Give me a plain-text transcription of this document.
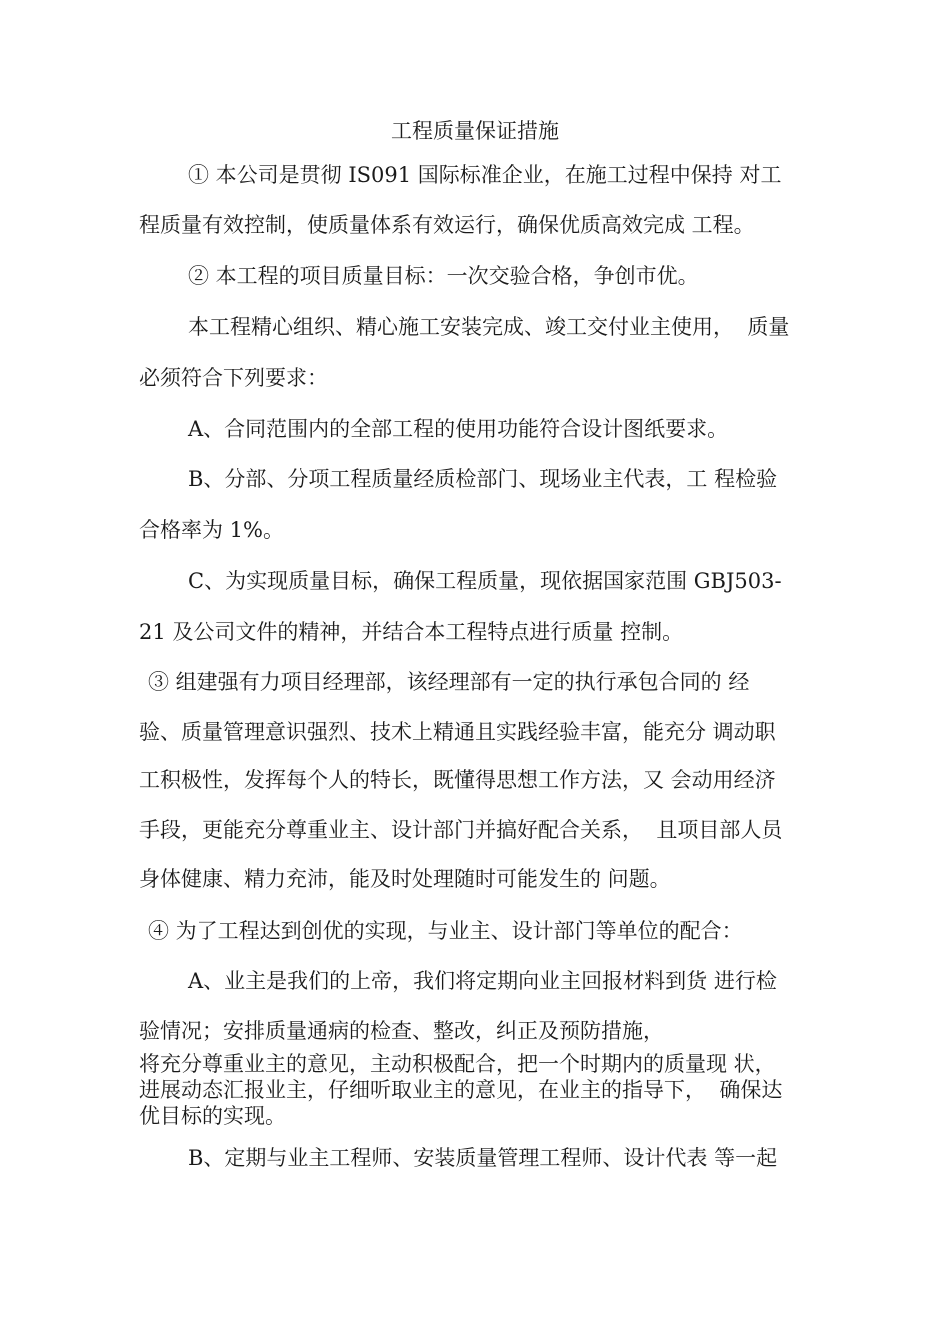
工程质量保证措施
① 本公司是贯彻 IS091 国际标准企业，在施工过程中保持 对工
程质量有效控制，使质量体系有效运行，确保优质高效完成 工程。
② 本工程的项目质量目标：一次交验合格，争创市优。
本工程精心组织、精心施工安装完成、竣工交付业主使用，  质量
必须符合下列要求：
A、合同范围内的全部工程的使用功能符合设计图纸要求。
B、分部、分项工程质量经质检部门、现场业主代表，工 程检验
合格率为 1%。
C、为实现质量目标，确保工程质量，现依据国家范围 GBJ503-
21 及公司文件的精神，并结合本工程特点进行质量 控制。
③ 组建强有力项目经理部，该经理部有一定的执行承包合同的 经
验、质量管理意识强烈、技术上精通且实践经验丰富，能充分 调动职
工积极性，发挥每个人的特长，既懂得思想工作方法，又 会动用经济
手段，更能充分尊重业主、设计部门并搞好配合关系，  且项目部人员
身体健康、精力充沛，能及时处理随时可能发生的 问题。
④ 为了工程达到创优的实现，与业主、设计部门等单位的配合：
A、业主是我们的上帝，我们将定期向业主回报材料到货 进行检
验情况；安排质量通病的检查、整改，纠正及预防措施，
将充分尊重业主的意见，主动积极配合，把一个时期内的质量现 状，
进展动态汇报业主，仔细听取业主的意见，在业主的指导下，  确保达
优目标的实现。
B、定期与业主工程师、安装质量管理工程师、设计代表 等一起
